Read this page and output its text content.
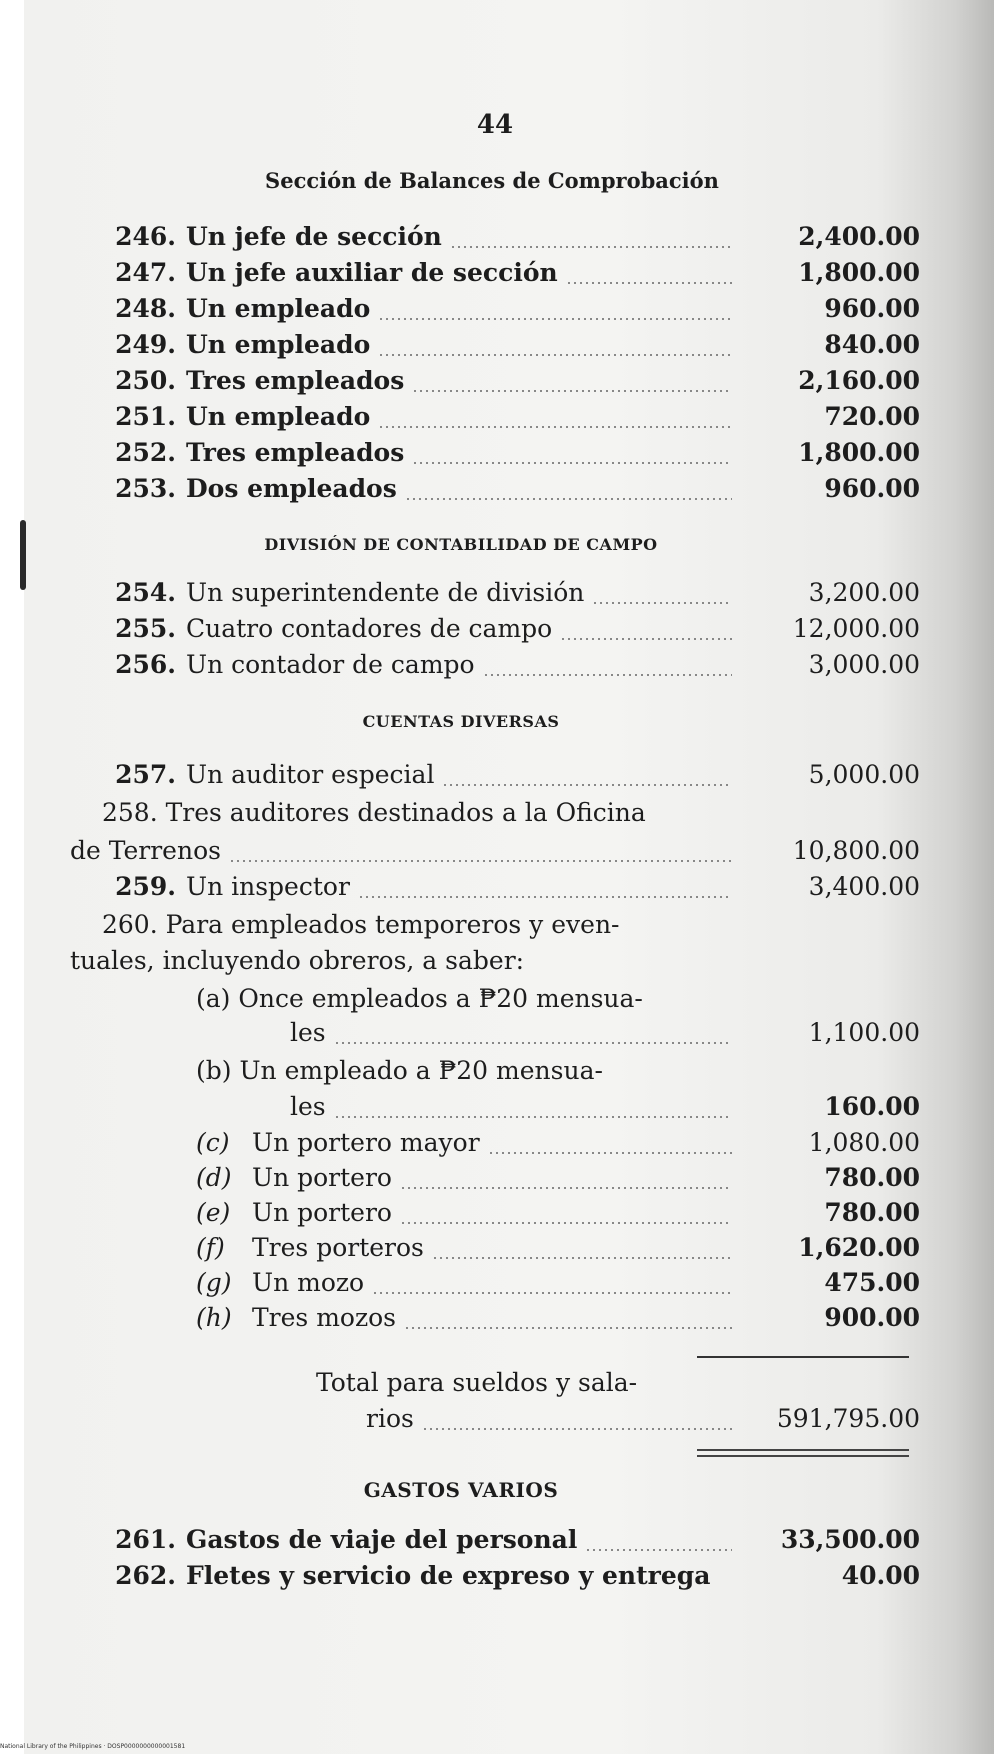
44
Sección de Balances de Comprobación
246. Un jefe de sección	2,400.00
247. Un jefe auxiliar de sección	1,800.00
248. Un empleado	960.00
249. Un empleado	840.00
250. Tres empleados	2,160.00
251. Un empleado	720.00
252. Tres empleados	1,800.00
253. Dos empleados	960.00
DIVISIÓN DE CONTABILIDAD DE CAMPO
254. Un superintendente de división	3,200.00
255. Cuatro contadores de campo	12,000.00
256. Un contador de campo	3,000.00
CUENTAS DIVERSAS
257. Un auditor especial	5,000.00
258. Tres auditores destinados a la Oficina
de Terrenos	10,800.00
259. Un inspector	3,400.00
260. Para empleados temporeros y even-
tuales, incluyendo obreros, a saber:
(a) Once empleados a ₱20 mensua-
les	1,100.00
(b) Un empleado a ₱20 mensua-
les	160.00
(c) Un portero mayor	1,080.00
(d) Un portero	780.00
(e) Un portero	780.00
(f)	Tres porteros	1,620.00
(g) Un mozo	475.00
(h) Tres mozos	900.00
Total para sueldos y sala-
rios	591,795.00
GASTOS VARIOS
261. Gastos de viaje del personal	33,500.00
262. Fletes y servicio de expreso y entrega	40.00
National Library of the Philippines · DOSP0000000000001581
